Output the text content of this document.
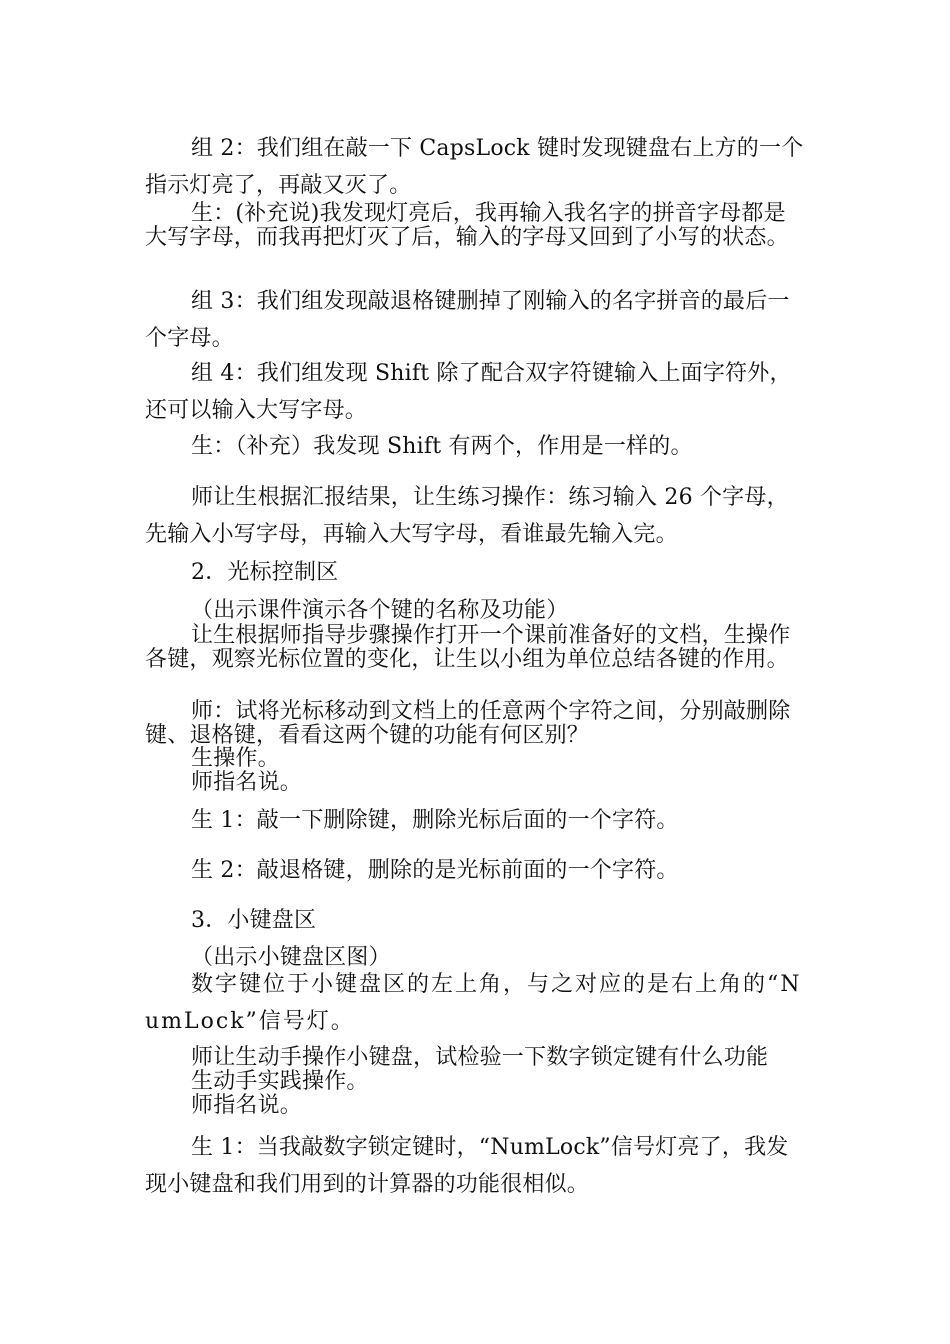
组 2：我们组在敲一下 CapsLock 键时发现键盘右上方的一个指示灯亮了，再敲又灭了。

生：(补充说)我发现灯亮后，我再输入我名字的拼音字母都是大写字母，而我再把灯灭了后，输入的字母又回到了小写的状态。

组 3：我们组发现敲退格键删掉了刚输入的名字拼音的最后一个字母。

组 4：我们组发现 Shift 除了配合双字符键输入上面字符外，还可以输入大写字母。

生：（补充）我发现 Shift 有两个，作用是一样的。

师让生根据汇报结果，让生练习操作：练习输入 26 个字母，先输入小写字母，再输入大写字母，看谁最先输入完。

2．光标控制区

（出示课件演示各个键的名称及功能）

让生根据师指导步骤操作打开一个课前准备好的文档，生操作各键，观察光标位置的变化，让生以小组为单位总结各键的作用。

师：试将光标移动到文档上的任意两个字符之间，分别敲删除键、退格键，看看这两个键的功能有何区别？

生操作。

师指名说。

生 1：敲一下删除键，删除光标后面的一个字符。

生 2：敲退格键，删除的是光标前面的一个字符。

3．小键盘区

（出示小键盘区图）

数字键位于小键盘区的左上角，与之对应的是右上角的“NumLock”信号灯。

师让生动手操作小键盘，试检验一下数字锁定键有什么功能

生动手实践操作。

师指名说。

生 1：当我敲数字锁定键时，“NumLock”信号灯亮了，我发现小键盘和我们用到的计算器的功能很相似。
